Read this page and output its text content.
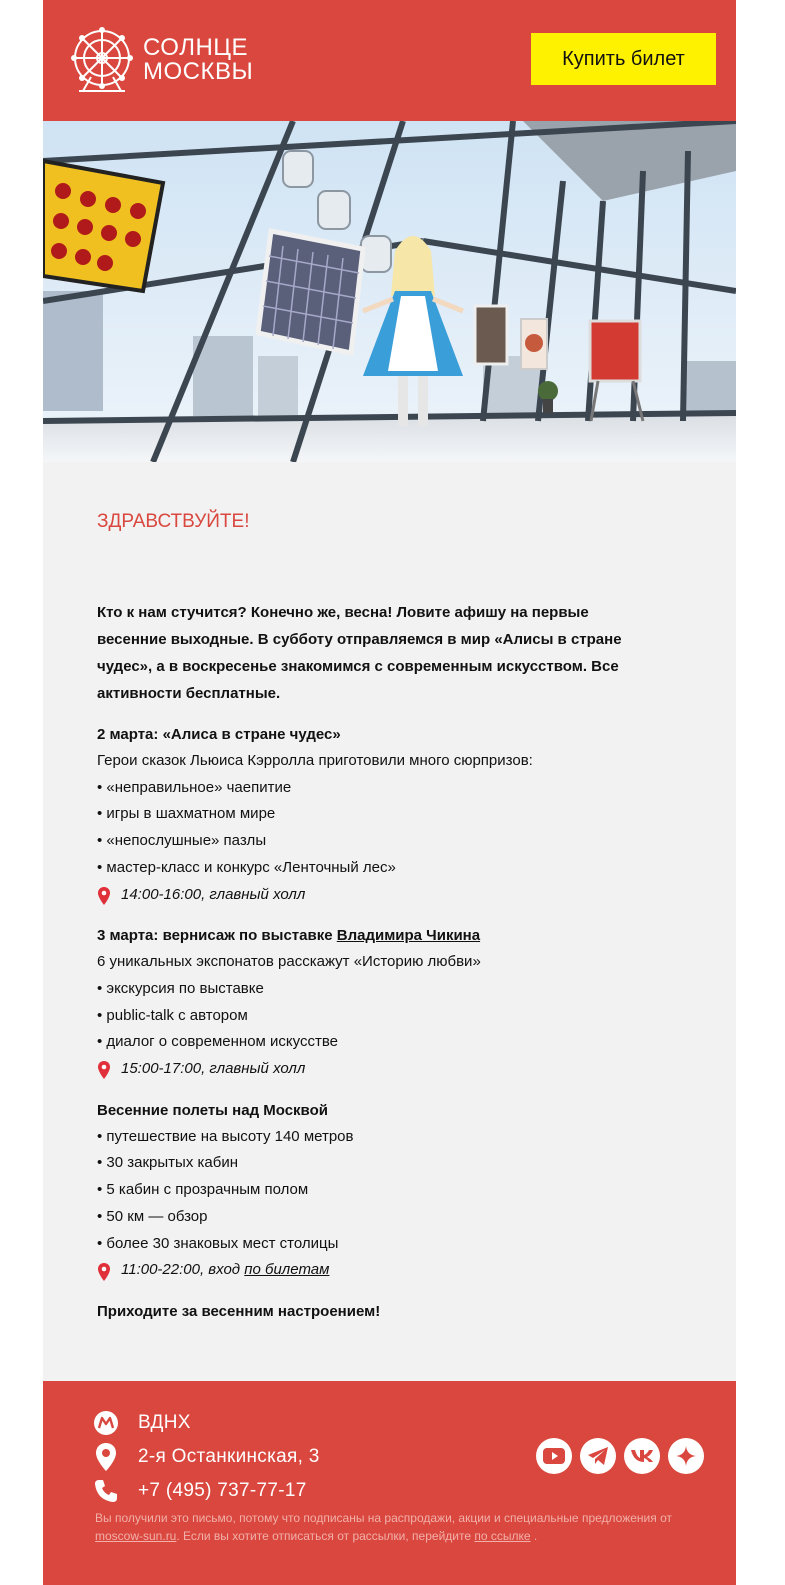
СОЛНЦЕ
МОСКВЫ	Купить билет
ЗДРАВСТВУЙТЕ!
Кто к нам стучится? Конечно же, весна! Ловите афишу на первые весенние выходные. В субботу отправляемся в мир «Алисы в стране чудес», а в воскресенье знакомимся с современным искусством. Все активности бесплатные.
2 марта: «Алиса в стране чудес»
Герои сказок Льюиса Кэрролла приготовили много сюрпризов:
• «неправильное» чаепитие
• игры в шахматном мире
• «непослушные» пазлы
• мастер-класс и конкурс «Ленточный лес»
14:00-16:00, главный холл
3 марта: вернисаж по выставке Владимира Чикина
6 уникальных экспонатов расскажут «Историю любви»
• экскурсия по выставке
• public-talk с автором
• диалог о современном искусстве
15:00-17:00, главный холл
Весенние полеты над Москвой
• путешествие на высоту 140 метров
• 30 закрытых кабин
• 5 кабин с прозрачным полом
• 50 км — обзор
• более 30 знаковых мест столицы
11:00-22:00, вход
по билетам
Приходите за весенним настроением!
ВДНХ
2-я Останкинская, 3
+7 (495) 737-77-17
Вы получили это письмо, потому что подписаны на распродажи, акции и специальные предложения от moscow-sun.ru. Если вы хотите отписаться от рассылки, перейдите по ссылке .
